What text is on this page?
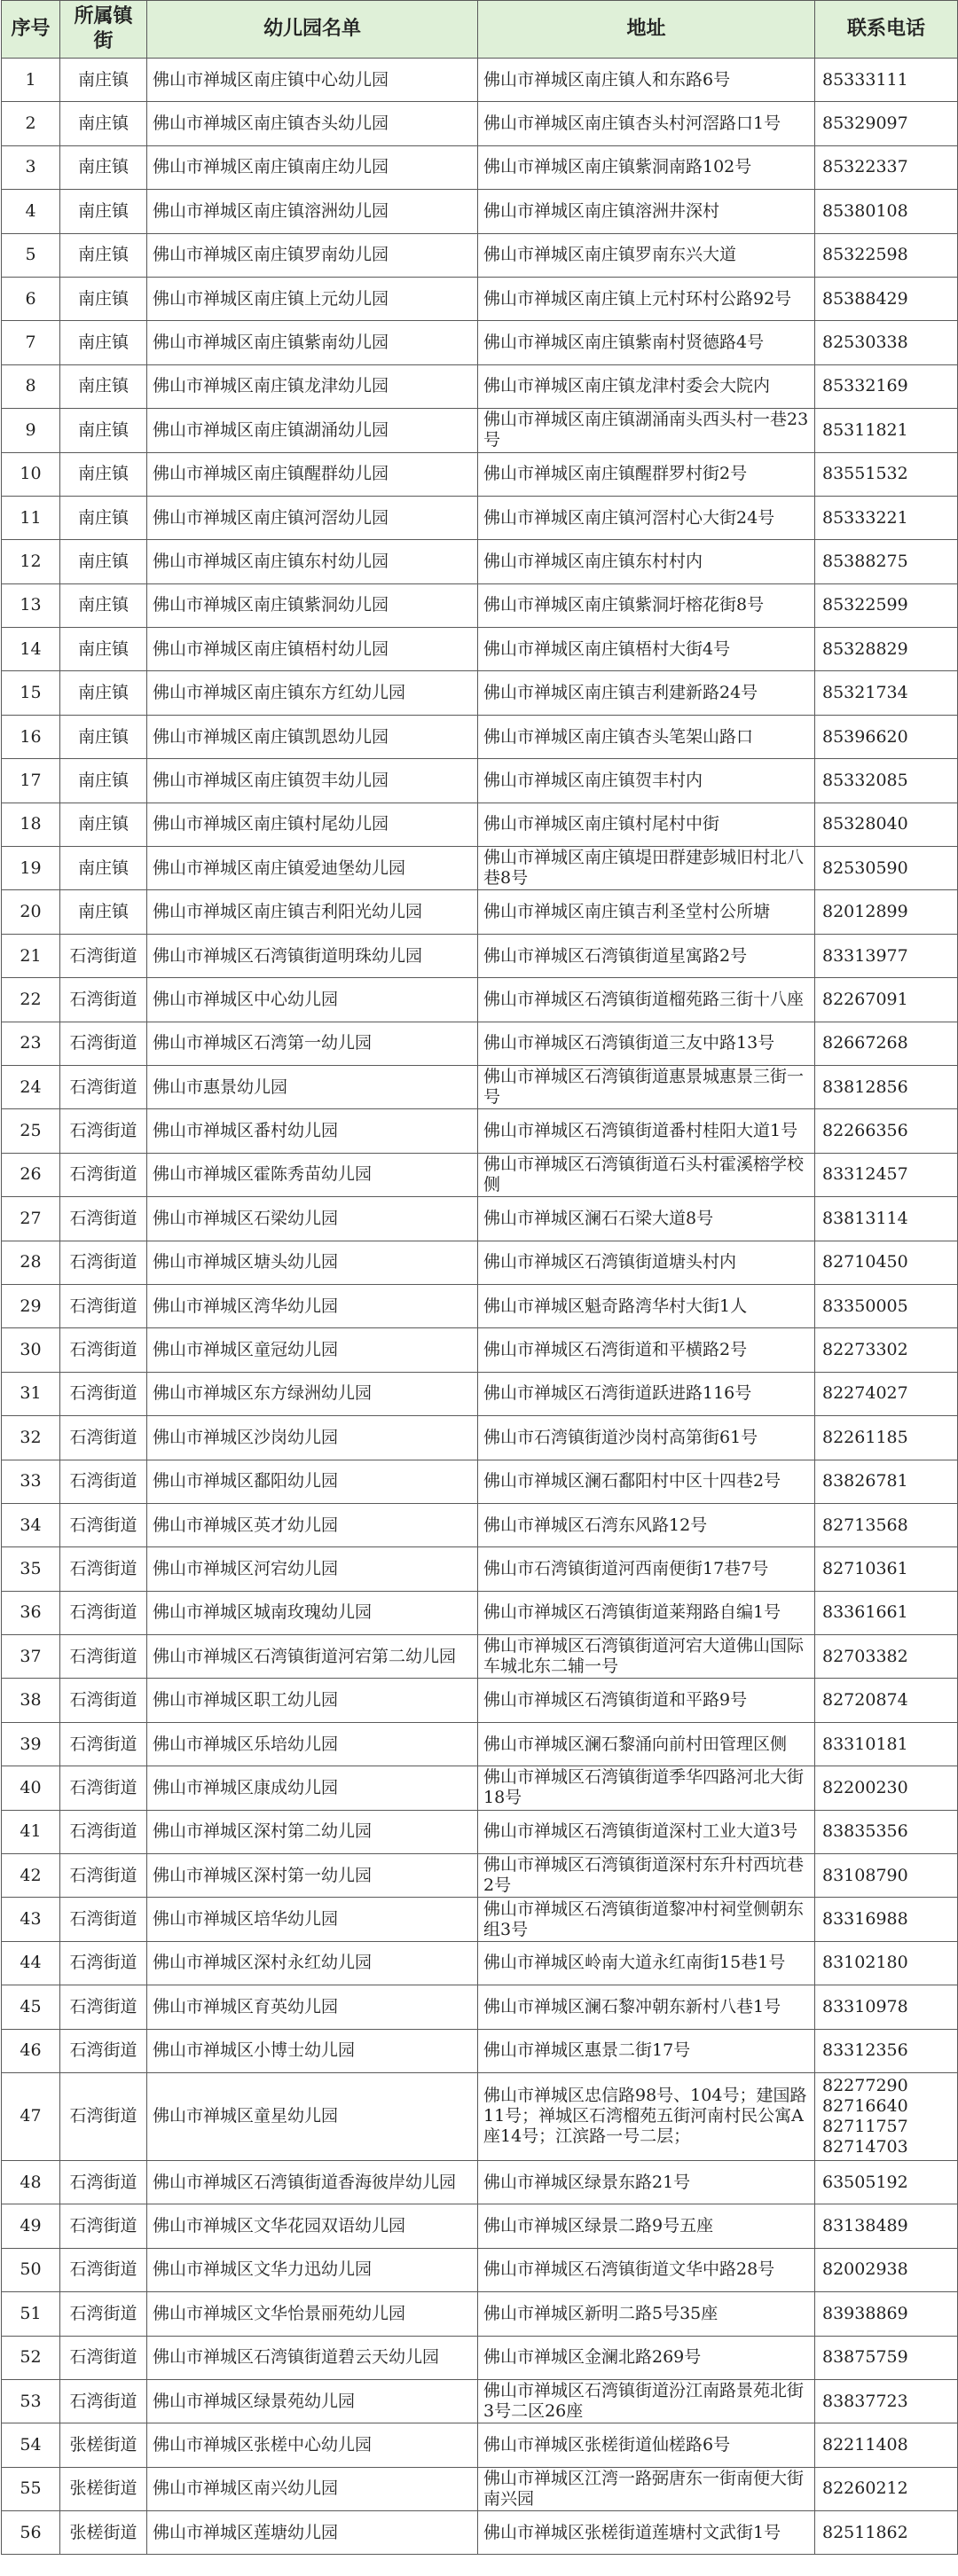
序号	所属镇街	幼儿园名单	地址	联系电话
1	南庄镇	佛山市禅城区南庄镇中心幼儿园	佛山市禅城区南庄镇人和东路6号	85333111
2	南庄镇	佛山市禅城区南庄镇杏头幼儿园	佛山市禅城区南庄镇杏头村河滘路口1号	85329097
3	南庄镇	佛山市禅城区南庄镇南庄幼儿园	佛山市禅城区南庄镇紫洞南路102号	85322337
4	南庄镇	佛山市禅城区南庄镇溶洲幼儿园	佛山市禅城区南庄镇溶洲井深村	85380108
5	南庄镇	佛山市禅城区南庄镇罗南幼儿园	佛山市禅城区南庄镇罗南东兴大道	85322598
6	南庄镇	佛山市禅城区南庄镇上元幼儿园	佛山市禅城区南庄镇上元村环村公路92号	85388429
7	南庄镇	佛山市禅城区南庄镇紫南幼儿园	佛山市禅城区南庄镇紫南村贤德路4号	82530338
8	南庄镇	佛山市禅城区南庄镇龙津幼儿园	佛山市禅城区南庄镇龙津村委会大院内	85332169
9	南庄镇	佛山市禅城区南庄镇湖涌幼儿园	佛山市禅城区南庄镇湖涌南头西头村一巷23号	85311821
10	南庄镇	佛山市禅城区南庄镇醒群幼儿园	佛山市禅城区南庄镇醒群罗村街2号	83551532
11	南庄镇	佛山市禅城区南庄镇河滘幼儿园	佛山市禅城区南庄镇河滘村心大街24号	85333221
12	南庄镇	佛山市禅城区南庄镇东村幼儿园	佛山市禅城区南庄镇东村村内	85388275
13	南庄镇	佛山市禅城区南庄镇紫洞幼儿园	佛山市禅城区南庄镇紫洞圩榕花街8号	85322599
14	南庄镇	佛山市禅城区南庄镇梧村幼儿园	佛山市禅城区南庄镇梧村大街4号	85328829
15	南庄镇	佛山市禅城区南庄镇东方红幼儿园	佛山市禅城区南庄镇吉利建新路24号	85321734
16	南庄镇	佛山市禅城区南庄镇凯恩幼儿园	佛山市禅城区南庄镇杏头笔架山路口	85396620
17	南庄镇	佛山市禅城区南庄镇贺丰幼儿园	佛山市禅城区南庄镇贺丰村内	85332085
18	南庄镇	佛山市禅城区南庄镇村尾幼儿园	佛山市禅城区南庄镇村尾村中街	85328040
19	南庄镇	佛山市禅城区南庄镇爱迪堡幼儿园	佛山市禅城区南庄镇堤田群建彭城旧村北八巷8号	82530590
20	南庄镇	佛山市禅城区南庄镇吉利阳光幼儿园	佛山市禅城区南庄镇吉利圣堂村公所塘	82012899
21	石湾街道	佛山市禅城区石湾镇街道明珠幼儿园	佛山市禅城区石湾镇街道星寓路2号	83313977
22	石湾街道	佛山市禅城区中心幼儿园	佛山市禅城区石湾镇街道榴苑路三街十八座	82267091
23	石湾街道	佛山市禅城区石湾第一幼儿园	佛山市禅城区石湾镇街道三友中路13号	82667268
24	石湾街道	佛山市惠景幼儿园	佛山市禅城区石湾镇街道惠景城惠景三街一号	83812856
25	石湾街道	佛山市禅城区番村幼儿园	佛山市禅城区石湾镇街道番村桂阳大道1号	82266356
26	石湾街道	佛山市禅城区霍陈秀苗幼儿园	佛山市禅城区石湾镇街道石头村霍溪榕学校侧	83312457
27	石湾街道	佛山市禅城区石梁幼儿园	佛山市禅城区澜石石梁大道8号	83813114
28	石湾街道	佛山市禅城区塘头幼儿园	佛山市禅城区石湾镇街道塘头村内	82710450
29	石湾街道	佛山市禅城区湾华幼儿园	佛山市禅城区魁奇路湾华村大街1人	83350005
30	石湾街道	佛山市禅城区童冠幼儿园	佛山市禅城区石湾街道和平横路2号	82273302
31	石湾街道	佛山市禅城区东方绿洲幼儿园	佛山市禅城区石湾街道跃进路116号	82274027
32	石湾街道	佛山市禅城区沙岗幼儿园	佛山市石湾镇街道沙岗村高第街61号	82261185
33	石湾街道	佛山市禅城区鄱阳幼儿园	佛山市禅城区澜石鄱阳村中区十四巷2号	83826781
34	石湾街道	佛山市禅城区英才幼儿园	佛山市禅城区石湾东风路12号	82713568
35	石湾街道	佛山市禅城区河宕幼儿园	佛山市石湾镇街道河西南便街17巷7号	82710361
36	石湾街道	佛山市禅城区城南玫瑰幼儿园	佛山市禅城区石湾镇街道莱翔路自编1号	83361661
37	石湾街道	佛山市禅城区石湾镇街道河宕第二幼儿园	佛山市禅城区石湾镇街道河宕大道佛山国际车城北东二辅一号	82703382
38	石湾街道	佛山市禅城区职工幼儿园	佛山市禅城区石湾镇街道和平路9号	82720874
39	石湾街道	佛山市禅城区乐培幼儿园	佛山市禅城区澜石黎涌向前村田管理区侧	83310181
40	石湾街道	佛山市禅城区康成幼儿园	佛山市禅城区石湾镇街道季华四路河北大街18号	82200230
41	石湾街道	佛山市禅城区深村第二幼儿园	佛山市禅城区石湾镇街道深村工业大道3号	83835356
42	石湾街道	佛山市禅城区深村第一幼儿园	佛山市禅城区石湾镇街道深村东升村西坑巷2号	83108790
43	石湾街道	佛山市禅城区培华幼儿园	佛山市禅城区石湾镇街道黎冲村祠堂侧朝东组3号	83316988
44	石湾街道	佛山市禅城区深村永红幼儿园	佛山市禅城区岭南大道永红南街15巷1号	83102180
45	石湾街道	佛山市禅城区育英幼儿园	佛山市禅城区澜石黎冲朝东新村八巷1号	83310978
46	石湾街道	佛山市禅城区小博士幼儿园	佛山市禅城区惠景二街17号	83312356
47	石湾街道	佛山市禅城区童星幼儿园	佛山市禅城区忠信路98号、104号；建国路11号；禅城区石湾榴苑五街河南村民公寓A座14号；江滨路一号二层；	82277290
82716640
82711757
82714703
48	石湾街道	佛山市禅城区石湾镇街道香海彼岸幼儿园	佛山市禅城区绿景东路21号	63505192
49	石湾街道	佛山市禅城区文华花园双语幼儿园	佛山市禅城区绿景二路9号五座	83138489
50	石湾街道	佛山市禅城区文华力迅幼儿园	佛山市禅城区石湾镇街道文华中路28号	82002938
51	石湾街道	佛山市禅城区文华怡景丽苑幼儿园	佛山市禅城区新明二路5号35座	83938869
52	石湾街道	佛山市禅城区石湾镇街道碧云天幼儿园	佛山市禅城区金澜北路269号	83875759
53	石湾街道	佛山市禅城区绿景苑幼儿园	佛山市禅城区石湾镇街道汾江南路景苑北街3号二区26座	83837723
54	张槎街道	佛山市禅城区张槎中心幼儿园	佛山市禅城区张槎街道仙槎路6号	82211408
55	张槎街道	佛山市禅城区南兴幼儿园	佛山市禅城区江湾一路弼唐东一街南便大街南兴园	82260212
56	张槎街道	佛山市禅城区莲塘幼儿园	佛山市禅城区张槎街道莲塘村文武街1号	82511862
